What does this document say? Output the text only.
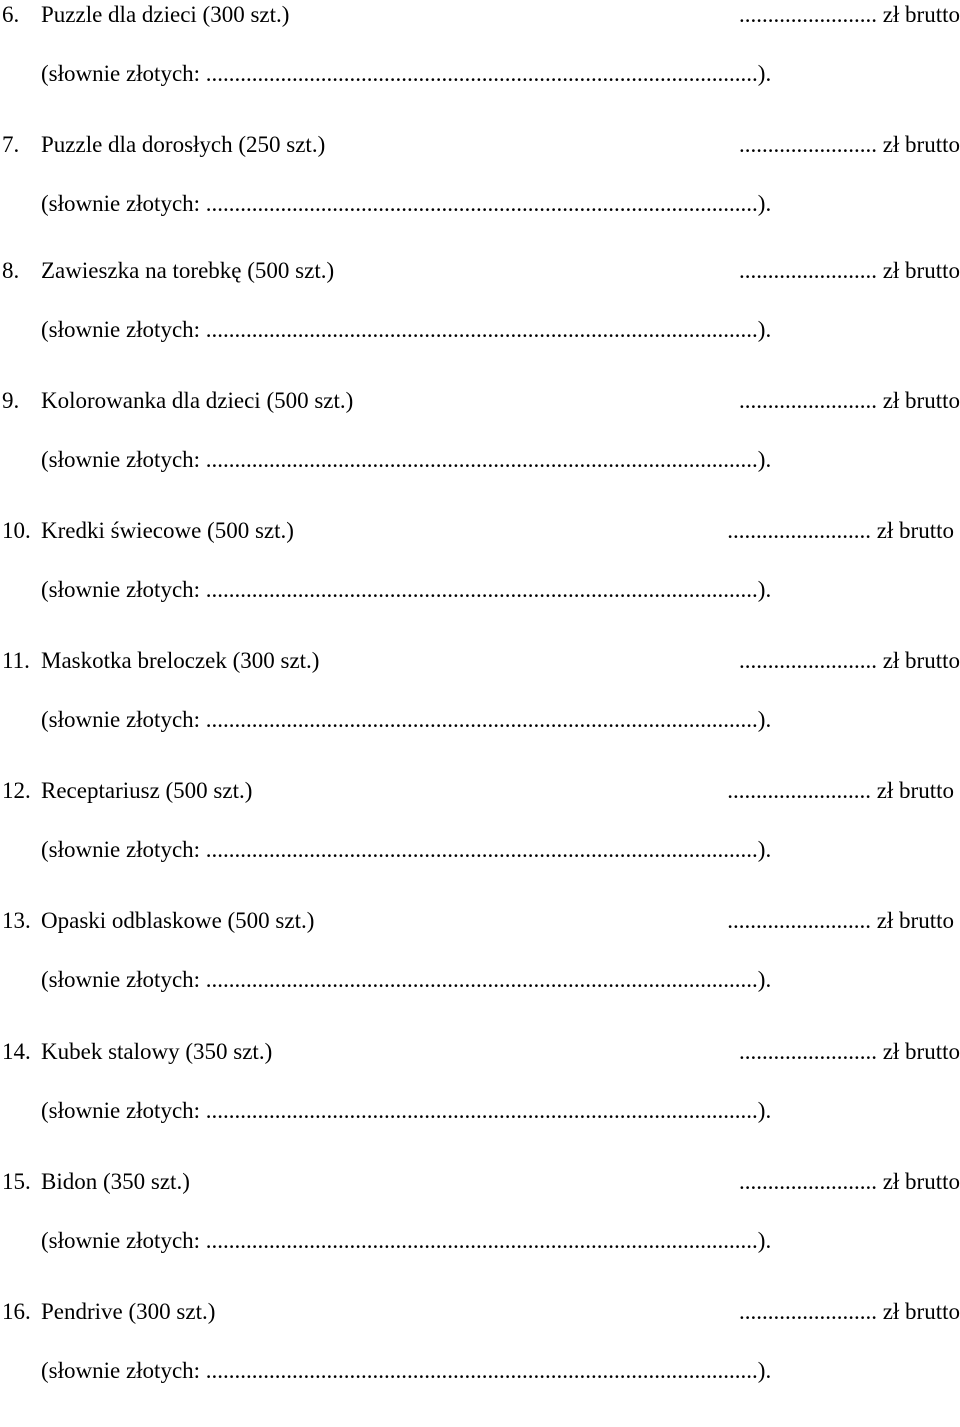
6. Puzzle dla dzieci (300 szt.)	........................ zł brutto
(słownie złotych: ................................................................................................).
7. Puzzle dla dorosłych (250 szt.)	........................ zł brutto
(słownie złotych: ................................................................................................).
8. Zawieszka na torebkę (500 szt.)	........................ zł brutto
(słownie złotych: ................................................................................................).
9. Kolorowanka dla dzieci (500 szt.)	........................ zł brutto
(słownie złotych: ................................................................................................).
10. Kredki świecowe (500 szt.)	......................... zł brutto
(słownie złotych: ................................................................................................).
11. Maskotka breloczek (300 szt.)	........................ zł brutto
(słownie złotych: ................................................................................................).
12. Receptariusz (500 szt.)	......................... zł brutto
(słownie złotych: ................................................................................................).
13. Opaski odblaskowe (500 szt.)	......................... zł brutto
(słownie złotych: ................................................................................................).
14. Kubek stalowy (350 szt.)	........................ zł brutto
(słownie złotych: ................................................................................................).
15. Bidon (350 szt.)	........................ zł brutto
(słownie złotych: ................................................................................................).
16. Pendrive (300 szt.)	........................ zł brutto
(słownie złotych: ................................................................................................).
